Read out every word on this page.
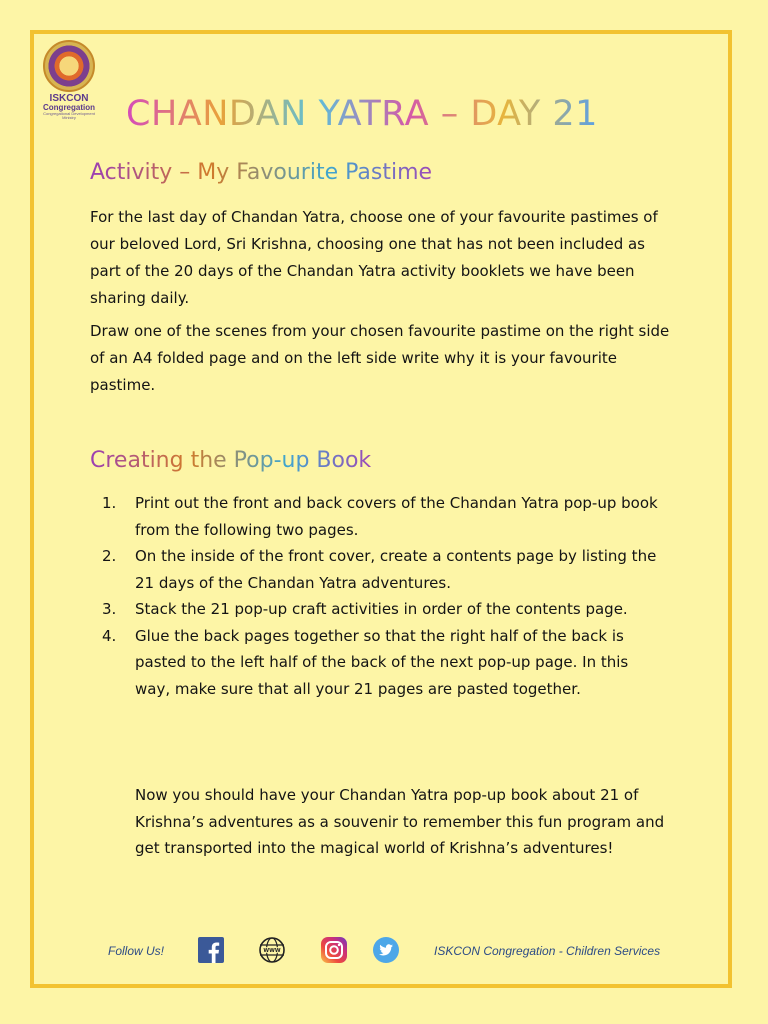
ISKCON
Congregation
Congregational Development Ministry	CHANDAN YATRA – DAY 21
Activity – My Favourite Pastime

For the last day of Chandan Yatra, choose one of your favourite pastimes of our beloved Lord, Sri Krishna, choosing one that has not been included as part of the 20 days of the Chandan Yatra activity booklets we have been sharing daily.

Draw one of the scenes from your chosen favourite pastime on the right side of an A4 folded page and on the left side write why it is your favourite pastime.

Creating the Pop-up Book
1.	Print out the front and back covers of the Chandan Yatra pop-up book from the following two pages.
2.	On the inside of the front cover, create a contents page by listing the 21 days of the Chandan Yatra adventures.
3.	Stack the 21 pop-up craft activities in order of the contents page.
4.	Glue the back pages together so that the right half of the back is pasted to the left half of the back of the next pop-up page. In this way, make sure that all your 21 pages are pasted together.

Now you should have your Chandan Yatra pop-up book about 21 of Krishna’s adventures as a souvenir to remember this fun program and get transported into the magical world of Krishna’s adventures!

Follow Us!	WWW	ISKCON Congregation - Children Services
